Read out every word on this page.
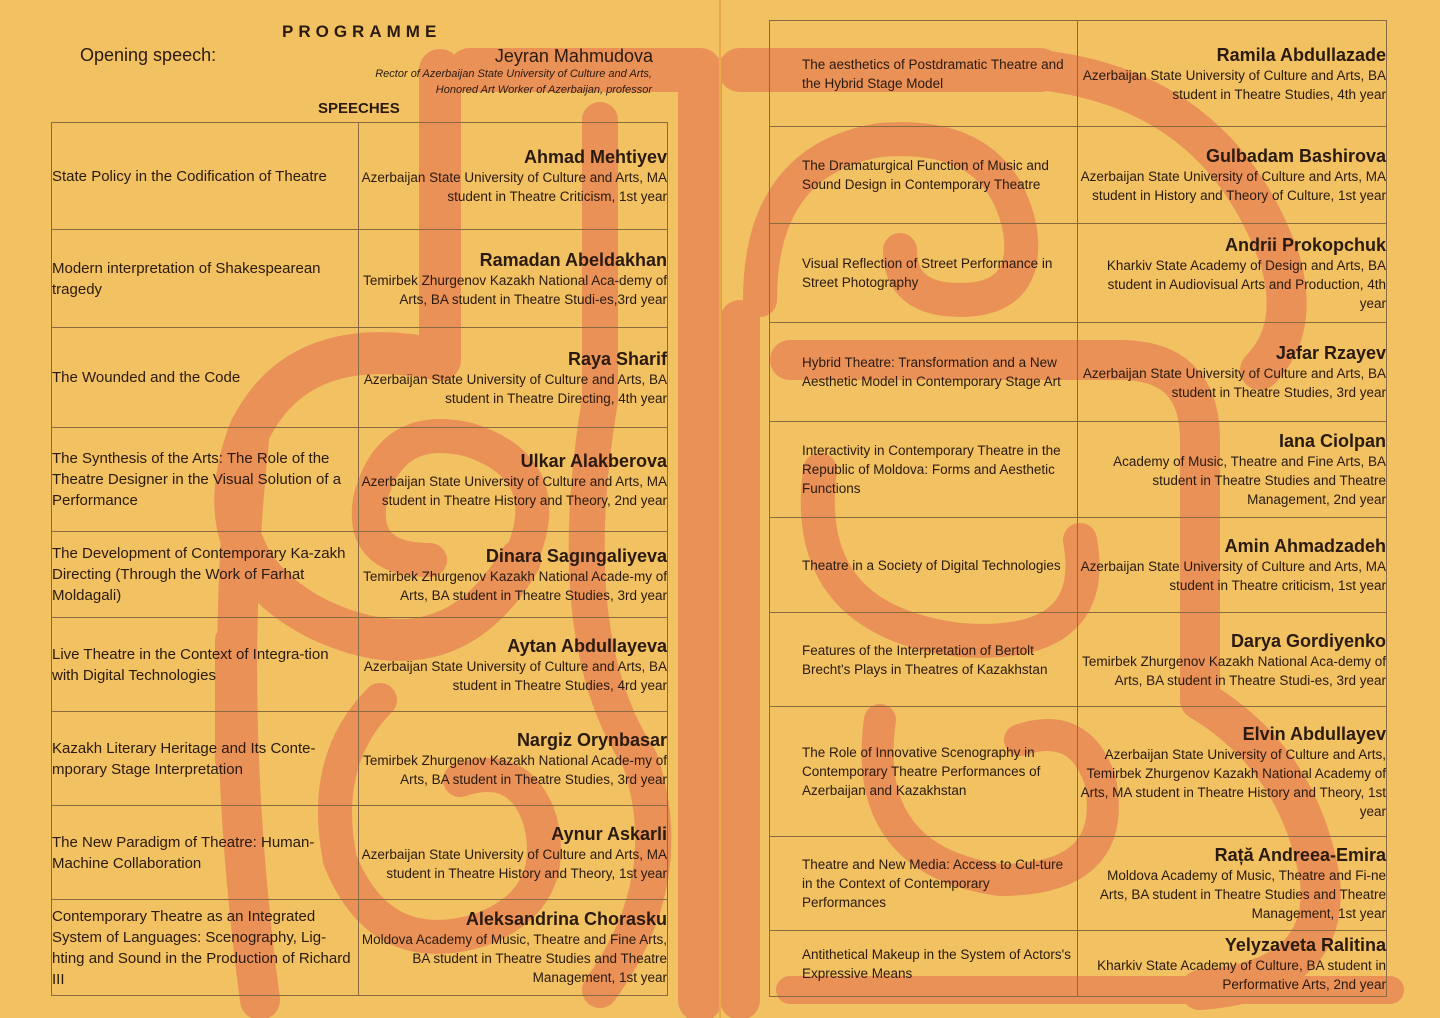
PROGRAMME
Opening speech:	Jeyran Mahmudova
Rector of Azerbaijan State University of Culture and Arts,
Honored Art Worker of Azerbaijan, professor
SPEECHES
State Policy in the Codification of Theatre	Ahmad Mehtiyev
Azerbaijan State University of Culture and Arts, MA student in Theatre Criticism, 1st year

Modern interpretation of Shakespearean tragedy	Ramadan Abeldakhan
Temirbek Zhurgenov Kazakh National Aca-demy of Arts, BA student in Theatre Studi-es,3rd year

The Wounded and the Code	Raya Sharif
Azerbaijan State University of Culture and Arts, BA student in Theatre Directing, 4th year

The Synthesis of the Arts: The Role of the Theatre Designer in the Visual Solution of a Performance	Ulkar Alakberova
Azerbaijan State University of Culture and Arts, MA student in Theatre History and Theory, 2nd year

The Development of Contemporary Ka-zakh Directing (Through the Work of Farhat Moldagali)	Dinara Sagıngaliyeva
Temirbek Zhurgenov Kazakh National Acade-my of Arts, BA student in Theatre Studies, 3rd year

Live Theatre in the Context of Integra-tion with Digital Technologies	Aytan Abdullayeva
Azerbaijan State University of Culture and Arts, BA student in Theatre Studies, 4rd year

Kazakh Literary Heritage and Its Conte-mporary Stage Interpretation	Nargiz Orynbasar
Temirbek Zhurgenov Kazakh National Acade-my of Arts, BA student in Theatre Studies, 3rd year

The New Paradigm of Theatre: Human-Machine Collaboration	Aynur Askarli
Azerbaijan State University of Culture and Arts, MA student in Theatre History and Theory, 1st year

Contemporary Theatre as an Integrated System of Languages: Scenography, Lig-hting and Sound in the Production of Richard III	Aleksandrina Chorasku
Moldova Academy of Music, Theatre and Fine Arts, BA student in Theatre Studies and Theatre Management, 1st year
The aesthetics of Postdramatic Theatre and the Hybrid Stage Model	Ramila Abdullazade
Azerbaijan State University of Culture and Arts, BA student in Theatre Studies, 4th year

The Dramaturgical Function of Music and Sound Design in Contemporary Theatre	Gulbadam Bashirova
Azerbaijan State University of Culture and Arts, MA student in History and Theory of Culture, 1st year

Visual Reflection of Street Performance in Street Photography	Andrii Prokopchuk
Kharkiv State Academy of Design and Arts, BA student in Audiovisual Arts and Production, 4th year

Hybrid Theatre: Transformation and a New Aesthetic Model in Contemporary Stage Art	Jafar Rzayev
Azerbaijan State University of Culture and Arts, BA student in Theatre Studies, 3rd year

Interactivity in Contemporary Theatre in the Republic of Moldova: Forms and Aesthetic Functions	Iana Ciolpan
Academy of Music, Theatre and Fine Arts, BA student in Theatre Studies and Theatre Management, 2nd year

Theatre in a Society of Digital Technologies	Amin Ahmadzadeh
Azerbaijan State University of Culture and Arts, MA student in Theatre criticism, 1st year

Features of the Interpretation of Bertolt Brecht's Plays in Theatres of Kazakhstan	Darya Gordiyenko
Temirbek Zhurgenov Kazakh National Aca-demy of Arts, BA student in Theatre Studi-es, 3rd year

The Role of Innovative Scenography in Contemporary Theatre Performances of Azerbaijan and Kazakhstan	Elvin Abdullayev
Azerbaijan State University of Culture and Arts, Temirbek Zhurgenov Kazakh National Academy of Arts, MA student in Theatre History and Theory, 1st year

Theatre and New Media: Access to Cul-ture in the Context of Contemporary Performances	Rață Andreea-Emira
Moldova Academy of Music, Theatre and Fi-ne Arts, BA student in Theatre Studies and Theatre Management, 1st year

Antithetical Makeup in the System of Actors's Expressive Means	Yelyzaveta Ralitina
Kharkiv State Academy of Culture, BA student in Performative Arts, 2nd year
